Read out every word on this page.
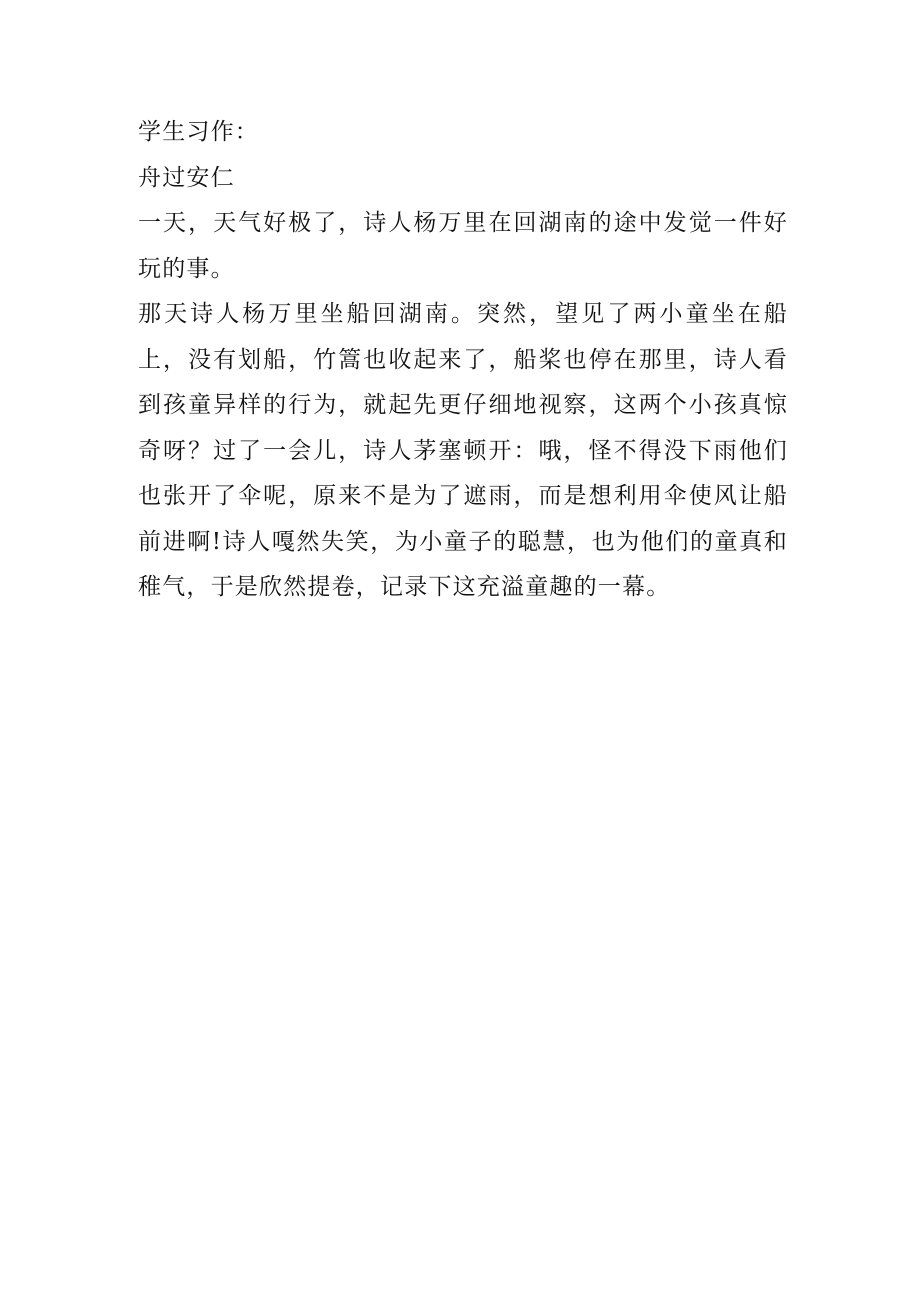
学生习作：

舟过安仁

一天，天气好极了，诗人杨万里在回湖南的途中发觉一件好玩的事。

那天诗人杨万里坐船回湖南。突然，望见了两小童坐在船上，没有划船，竹篙也收起来了，船桨也停在那里，诗人看到孩童异样的行为，就起先更仔细地视察，这两个小孩真惊奇呀？过了一会儿，诗人茅塞顿开：哦，怪不得没下雨他们也张开了伞呢，原来不是为了遮雨，而是想利用伞使风让船前进啊!诗人嘎然失笑，为小童子的聪慧，也为他们的童真和稚气，于是欣然提卷，记录下这充溢童趣的一幕。
